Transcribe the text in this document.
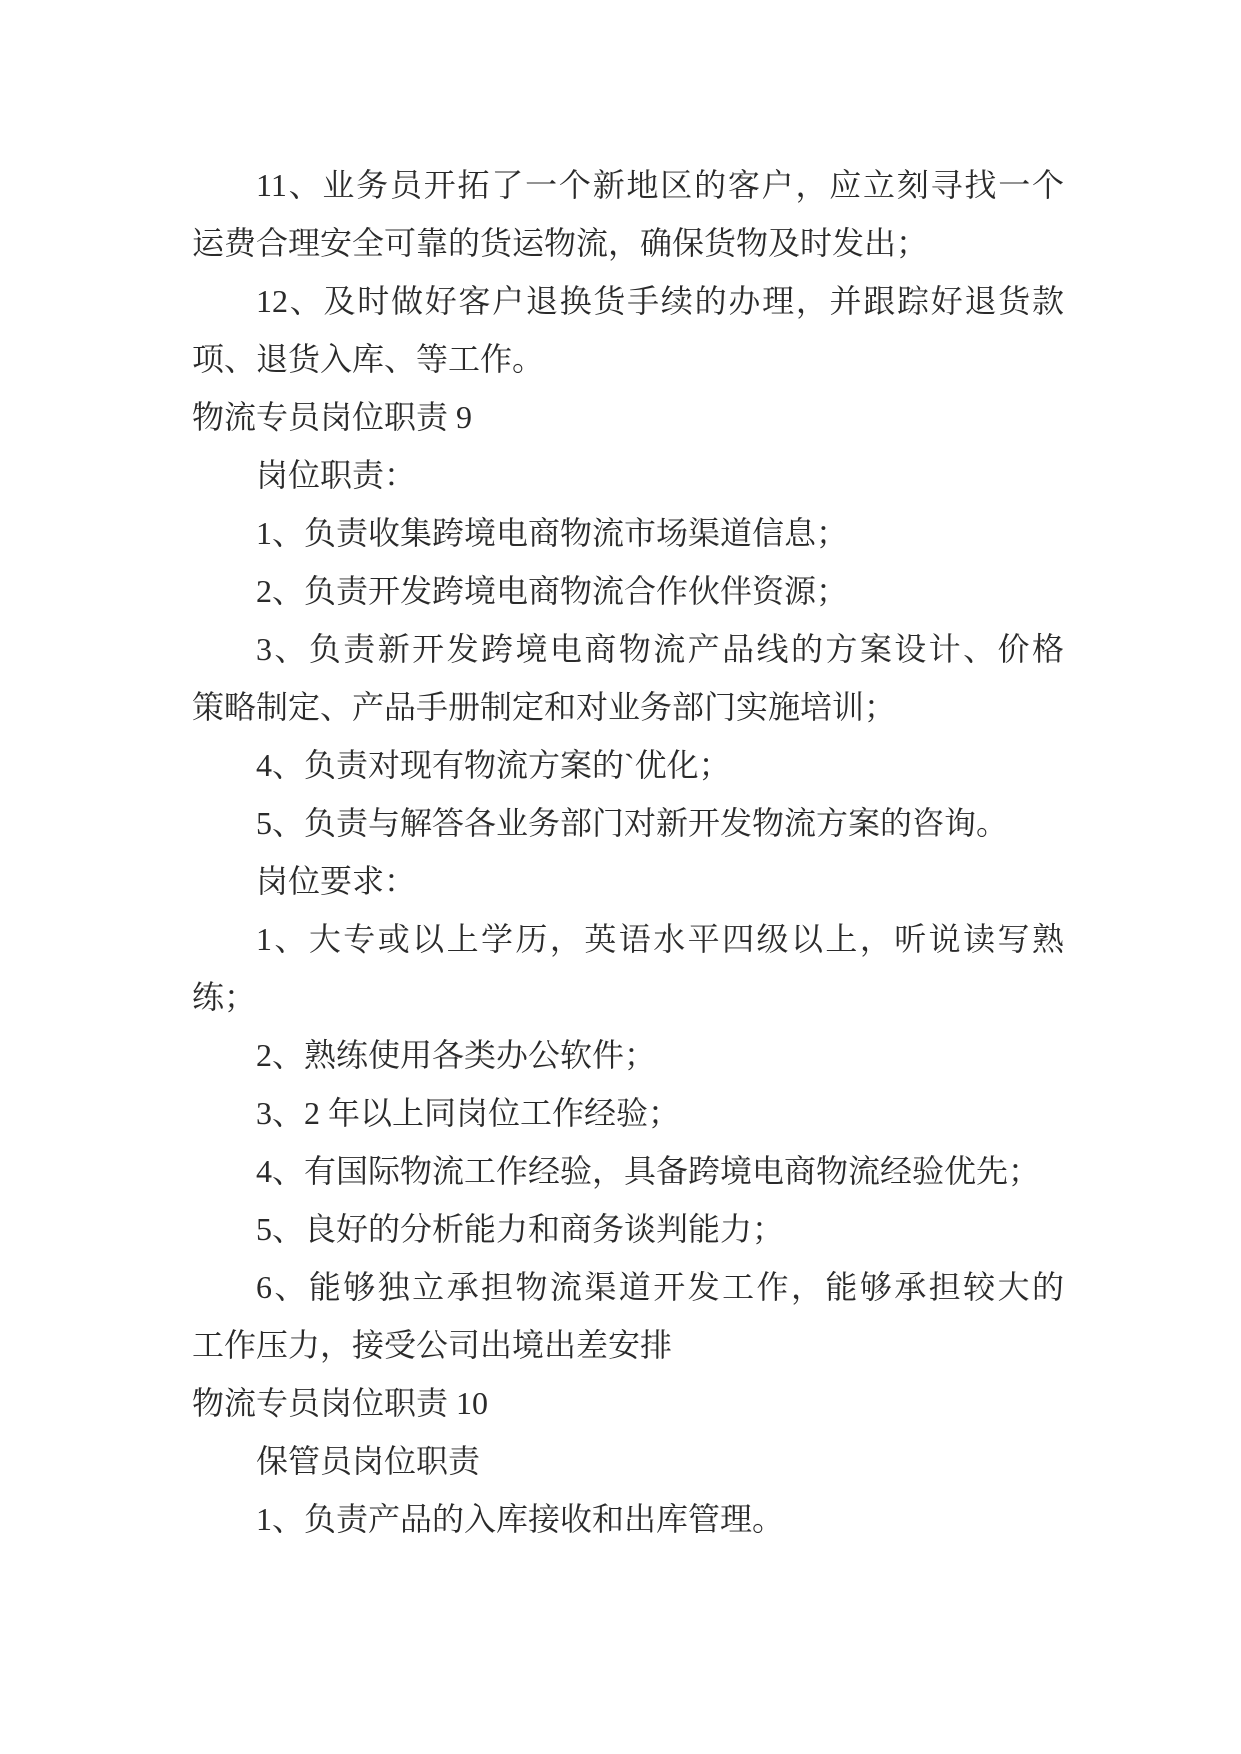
11、业务员开拓了一个新地区的客户，应立刻寻找一个
运费合理安全可靠的货运物流，确保货物及时发出；
12、及时做好客户退换货手续的办理，并跟踪好退货款
项、退货入库、等工作。
物流专员岗位职责 9
岗位职责：
1、负责收集跨境电商物流市场渠道信息；
2、负责开发跨境电商物流合作伙伴资源；
3、负责新开发跨境电商物流产品线的方案设计、价格
策略制定、产品手册制定和对业务部门实施培训；
4、负责对现有物流方案的`优化；
5、负责与解答各业务部门对新开发物流方案的咨询。
岗位要求：
1、大专或以上学历，英语水平四级以上，听说读写熟
练；
2、熟练使用各类办公软件；
3、2 年以上同岗位工作经验；
4、有国际物流工作经验，具备跨境电商物流经验优先；
5、良好的分析能力和商务谈判能力；
6、能够独立承担物流渠道开发工作，能够承担较大的
工作压力，接受公司出境出差安排
物流专员岗位职责 10
保管员岗位职责
1、负责产品的入库接收和出库管理。
